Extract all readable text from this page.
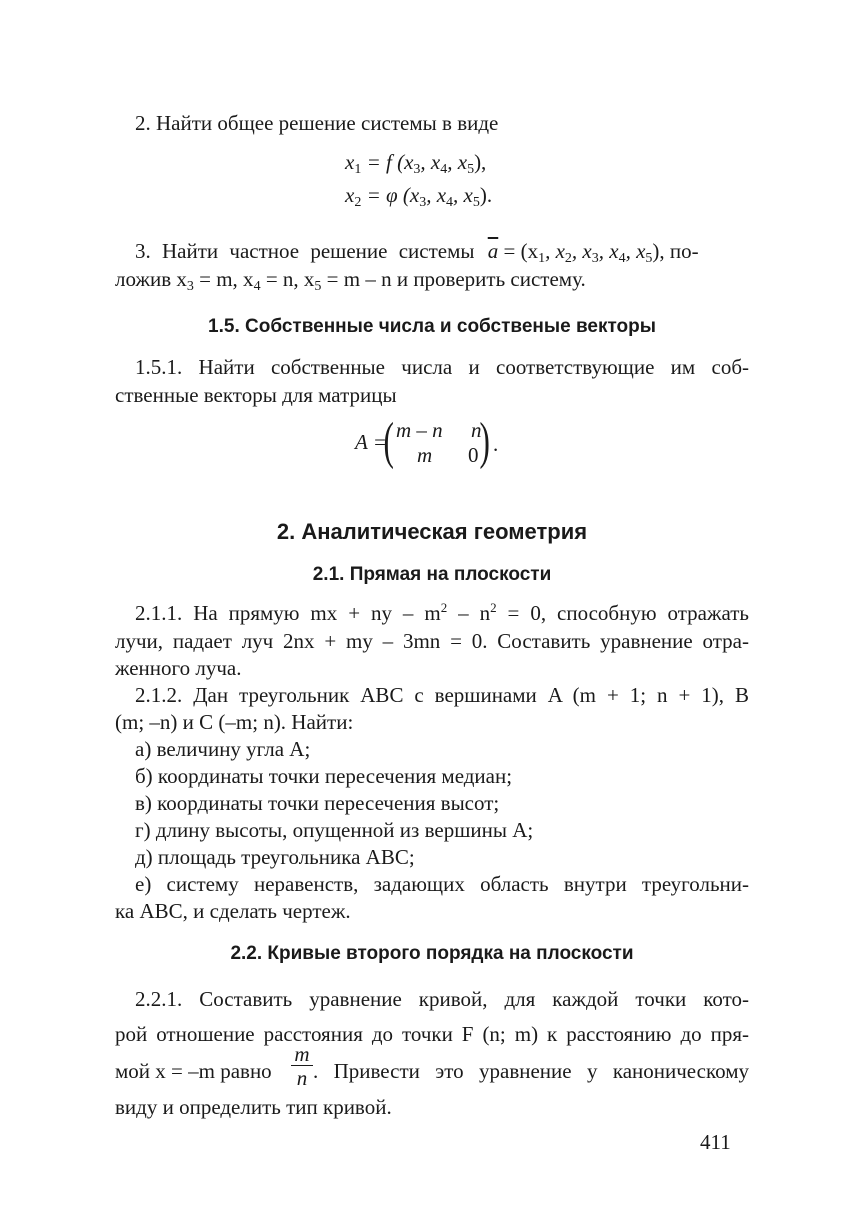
2. Найти общее решение системы в виде
$x_1 = f$ ($x_3$, $x_4$, $x_5$),
$x_2 = \varphi$ ($x_3$, $x_4$, $x_5$).
3. Найти частное решение системы $\overline{a} = (x_1$, $x_2$, $x_3$, $x_4$, $x_5$), по-
ложив $x_3 = m$, $x_4 = n$, $x_5 = m - n$ и проверить систему.
1.5. Собственные числа и собственые векторы
1.5.1. Найти собственные числа и соответствующие им соб-
ственные векторы для матрицы
A =
( m – n n
m 0 ) .
2. Аналитическая геометрия
2.1. Прямая на плоскости
2.1.1. На прямую mx + ny – $m^2 - n^2 = 0$, способную отражать
лучи, падает луч 2nx + my – 3mn = 0. Составить уравнение отра-
женного луча.
2.1.2. Дан треугольник ABC с вершинами A (m + 1; n + 1), B
(m; –n) и C (–m; n). Найти:
а) величину угла A;
б) координаты точки пересечения медиан;
в) координаты точки пересечения высот;
г) длину высоты, опущенной из вершины A;
д) площадь треугольника ABC;
е) систему неравенств, задающих область внутри треугольни-
ка ABC, и сделать чертеж.
2.2. Кривые второго порядка на плоскости
2.2.1. Составить уравнение кривой, для каждой точки кото-
рой отношение расстояния до точки F (n; m) к расстоянию до пря-
мой x = –m равно $\frac{m}{n}$ . Привести это уравнение у каноническому
виду и определить тип кривой.
411
